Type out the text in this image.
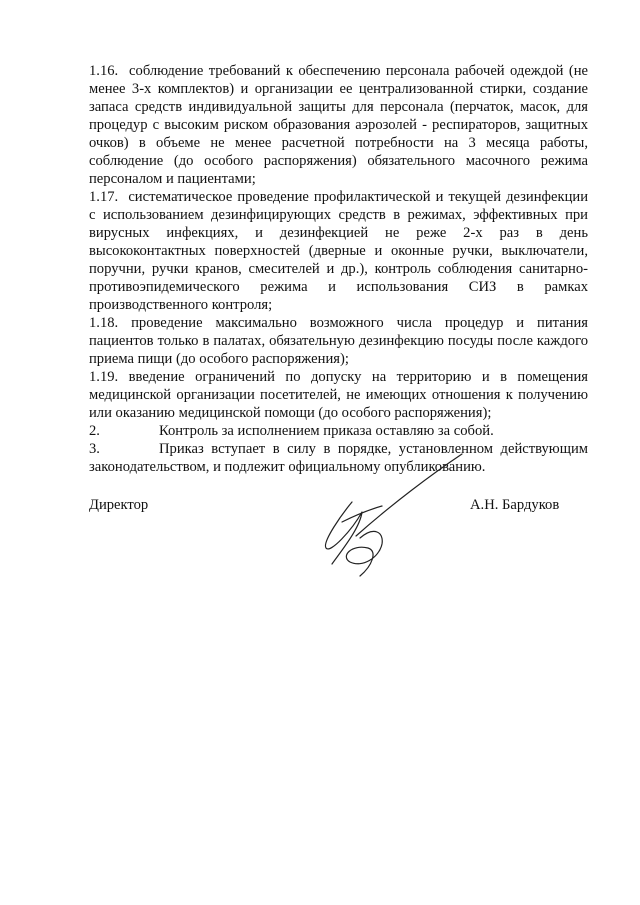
1.16. соблюдение требований к обеспечению персонала рабочей одеждой (не менее 3-х комплектов) и организации ее централизованной стирки, создание запаса средств индивидуальной защиты для персонала (перчаток, масок, для процедур с высоким риском образования аэрозолей - респираторов, защитных очков) в объеме не менее расчетной потребности на 3 месяца работы, соблюдение (до особого распоряжения) обязательного масочного режима персоналом и пациентами;

1.17. систематическое проведение профилактической и текущей дезинфекции с использованием дезинфицирующих средств в режимах, эффективных при вирусных инфекциях, и дезинфекцией не реже 2-х раз в день высококонтактных поверхностей (дверные и оконные ручки, выключатели, поручни, ручки кранов, смесителей и др.), контроль соблюдения санитарно-противоэпидемического режима и использования СИЗ в рамках производственного контроля;

1.18. проведение максимально возможного числа процедур и питания пациентов только в палатах, обязательную дезинфекцию посуды после каждого приема пищи (до особого распоряжения);

1.19. введение ограничений по допуску на территорию и в помещения медицинской организации посетителей, не имеющих отношения к получению или оказанию медицинской помощи (до особого распоряжения);

2.	Контроль за исполнением приказа оставляю за собой.

3.	Приказ вступает в силу в порядке, установленном действующим законодательством, и подлежит официальному опубликованию.

Директор	А.Н. Бардуков
